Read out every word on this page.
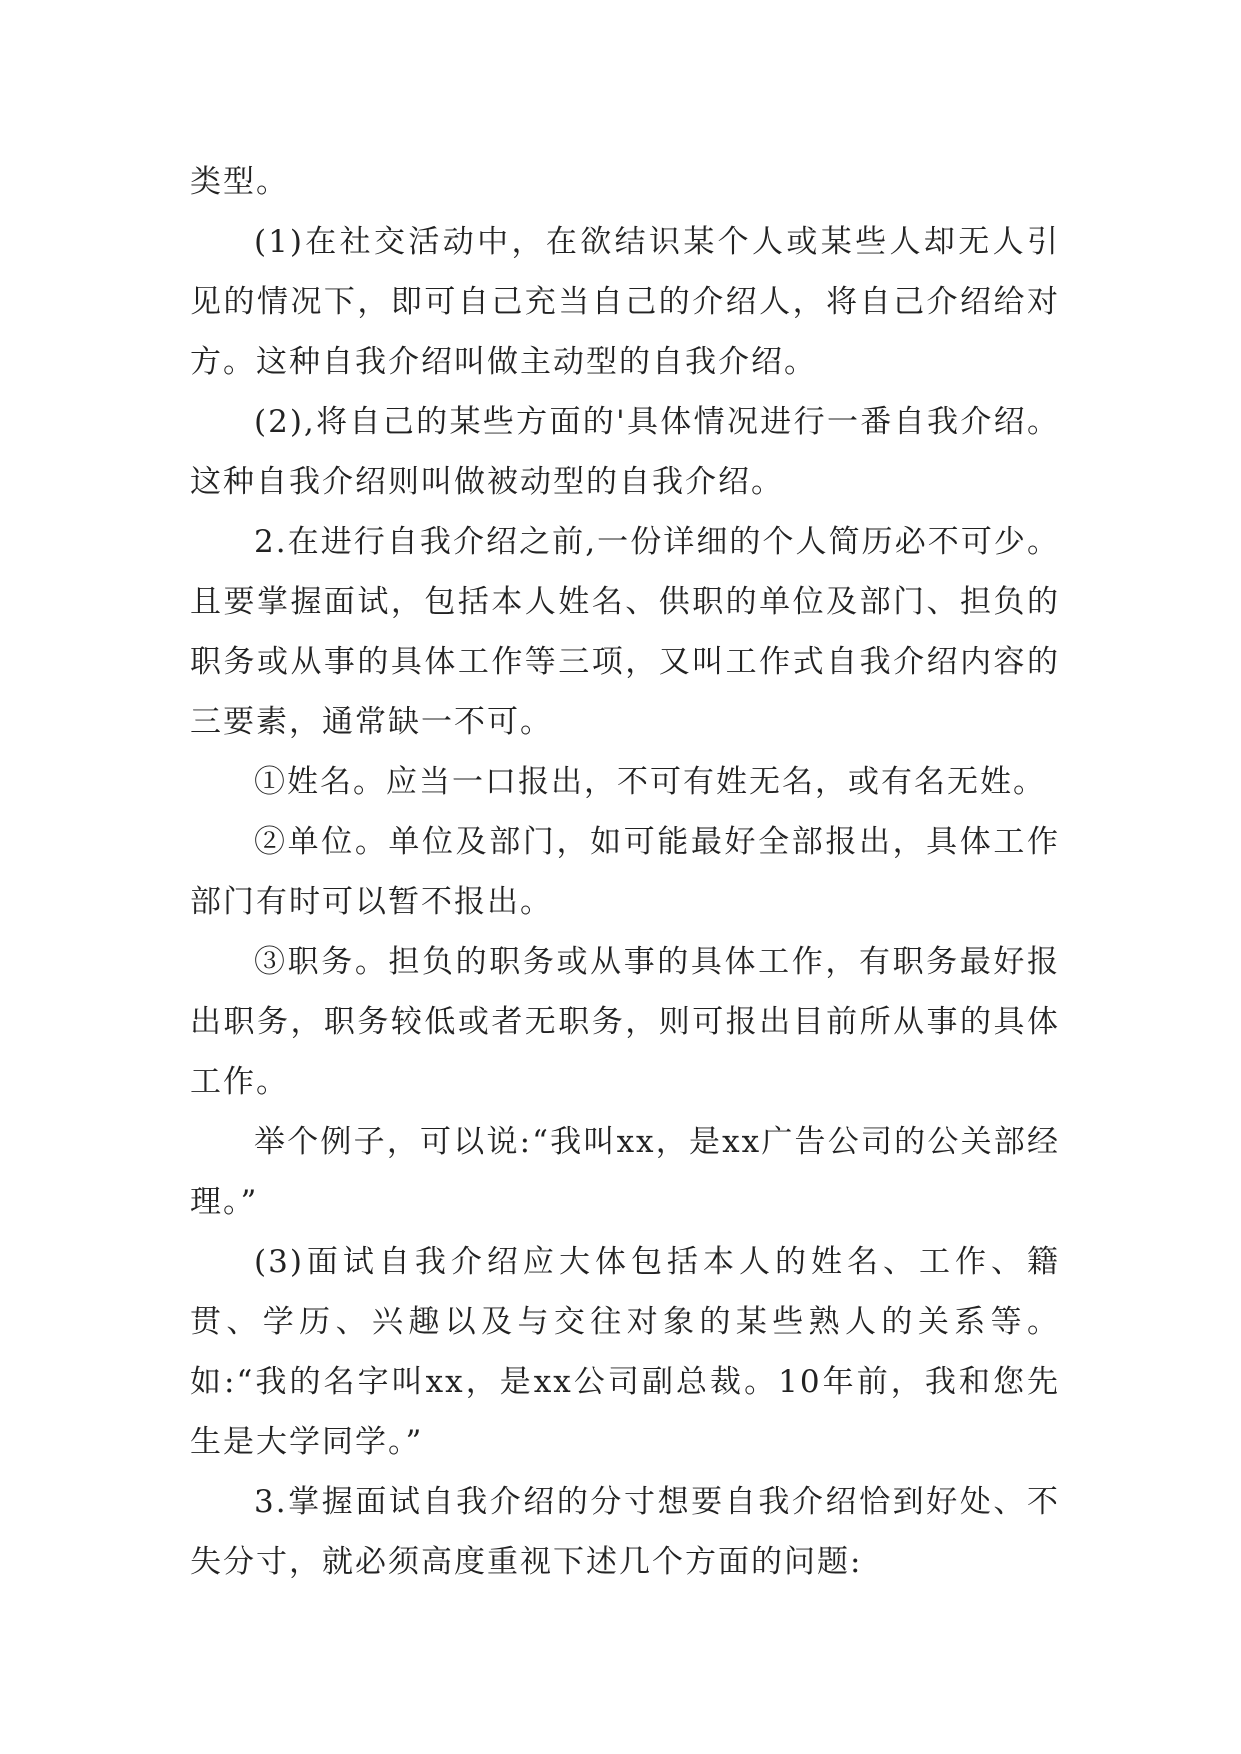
类型。

(1)在社交活动中，在欲结识某个人或某些人却无人引见的情况下，即可自己充当自己的介绍人，将自己介绍给对方。这种自我介绍叫做主动型的自我介绍。

(2),将自己的某些方面的'具体情况进行一番自我介绍。这种自我介绍则叫做被动型的自我介绍。

2.在进行自我介绍之前,一份详细的个人简历必不可少。且要掌握面试，包括本人姓名、供职的单位及部门、担负的职务或从事的具体工作等三项，又叫工作式自我介绍内容的三要素，通常缺一不可。

①姓名。应当一口报出，不可有姓无名，或有名无姓。

②单位。单位及部门，如可能最好全部报出，具体工作部门有时可以暂不报出。

③职务。担负的职务或从事的具体工作，有职务最好报出职务，职务较低或者无职务，则可报出目前所从事的具体工作。

举个例子，可以说:“我叫xx，是xx广告公司的公关部经理。”

(3)面试自我介绍应大体包括本人的姓名、工作、籍贯、学历、兴趣以及与交往对象的某些熟人的关系等。如:“我的名字叫xx，是xx公司副总裁。10年前，我和您先生是大学同学。”

3.掌握面试自我介绍的分寸想要自我介绍恰到好处、不失分寸，就必须高度重视下述几个方面的问题:
